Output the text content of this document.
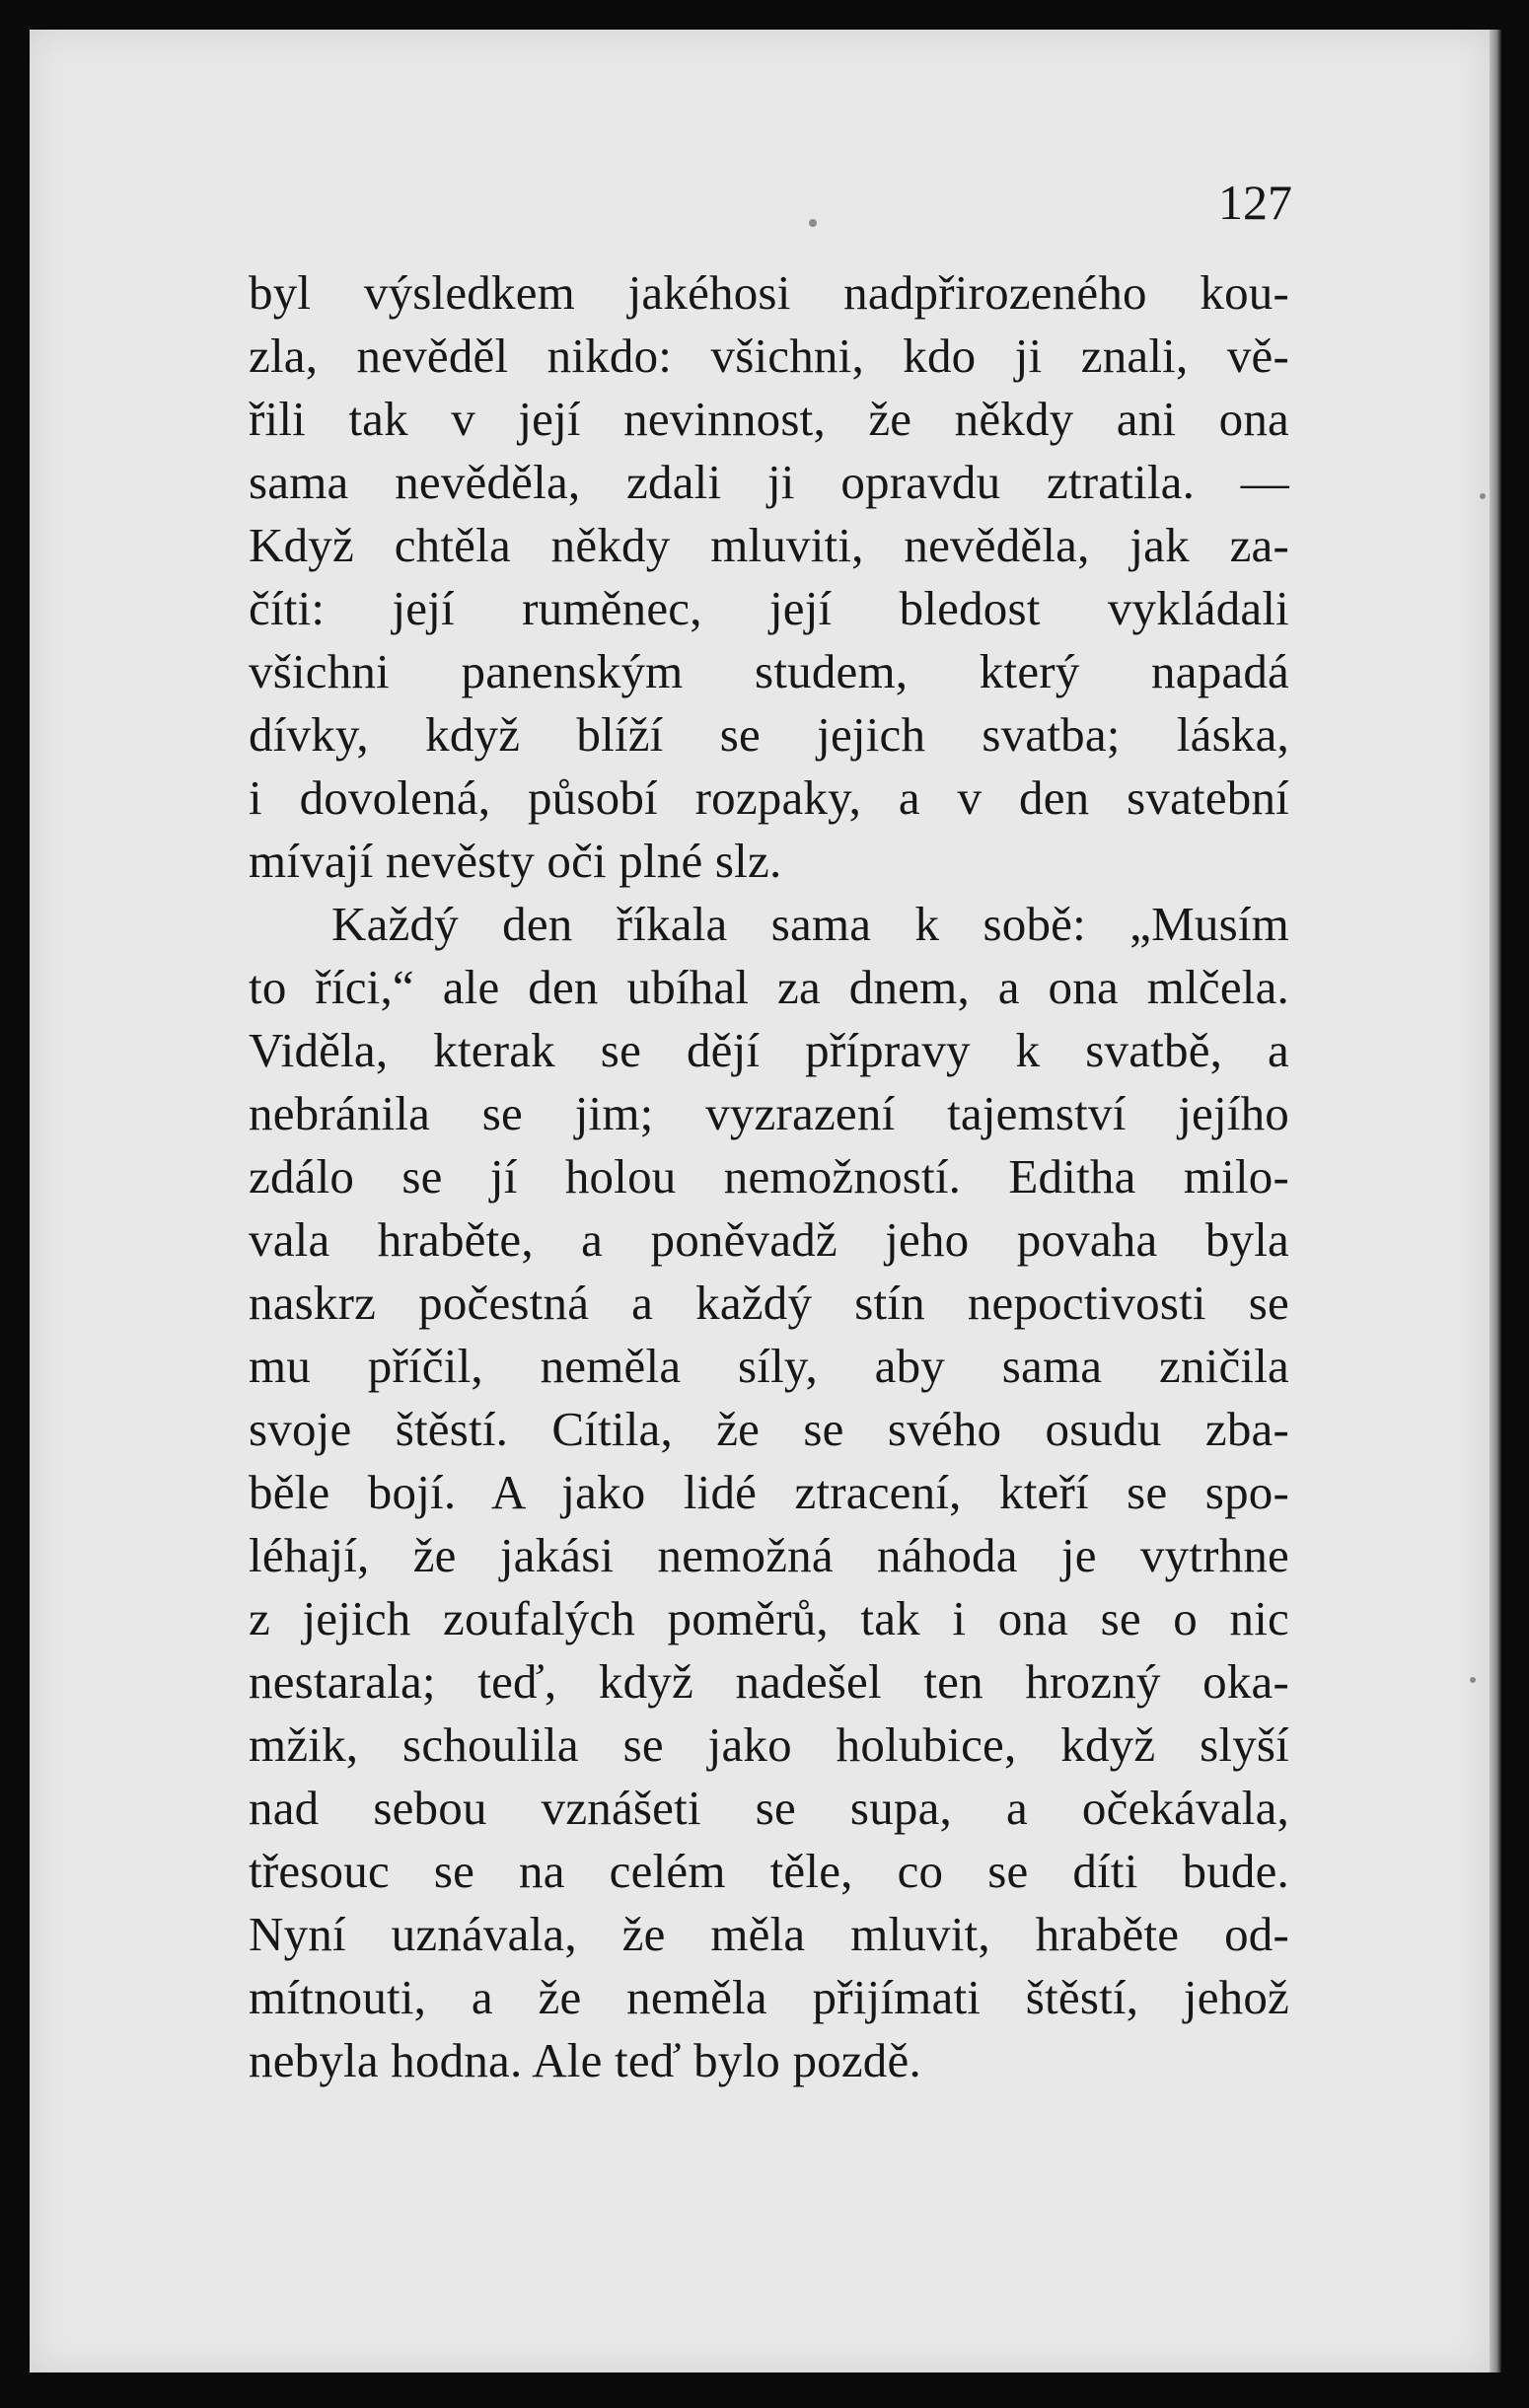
127
byl výsledkem jakéhosi nadpřirozeného kou-
zla, nevěděl nikdo: všichni, kdo ji znali, vě-
řili tak v její nevinnost, že někdy ani ona
sama nevěděla, zdali ji opravdu ztratila. —
Když chtěla někdy mluviti, nevěděla, jak za-
číti: její ruměnec, její bledost vykládali
všichni panenským studem, který napadá
dívky, když blíží se jejich svatba; láska,
i dovolená, působí rozpaky, a v den svatební
mívají nevěsty oči plné slz.
Každý den říkala sama k sobě: „Musím
to říci,“ ale den ubíhal za dnem, a ona mlčela.
Viděla, kterak se dějí přípravy k svatbě, a
nebránila se jim; vyzrazení tajemství jejího
zdálo se jí holou nemožností. Editha milo-
vala hraběte, a poněvadž jeho povaha byla
naskrz počestná a každý stín nepoctivosti se
mu příčil, neměla síly, aby sama zničila
svoje štěstí. Cítila, že se svého osudu zba-
běle bojí. A jako lidé ztracení, kteří se spo-
léhají, že jakási nemožná náhoda je vytrhne
z jejich zoufalých poměrů, tak i ona se o nic
nestarala; teď, když nadešel ten hrozný oka-
mžik, schoulila se jako holubice, když slyší
nad sebou vznášeti se supa, a očekávala,
třesouc se na celém těle, co se díti bude.
Nyní uznávala, že měla mluvit, hraběte od-
mítnouti, a že neměla přijímati štěstí, jehož
nebyla hodna. Ale teď bylo pozdě.
